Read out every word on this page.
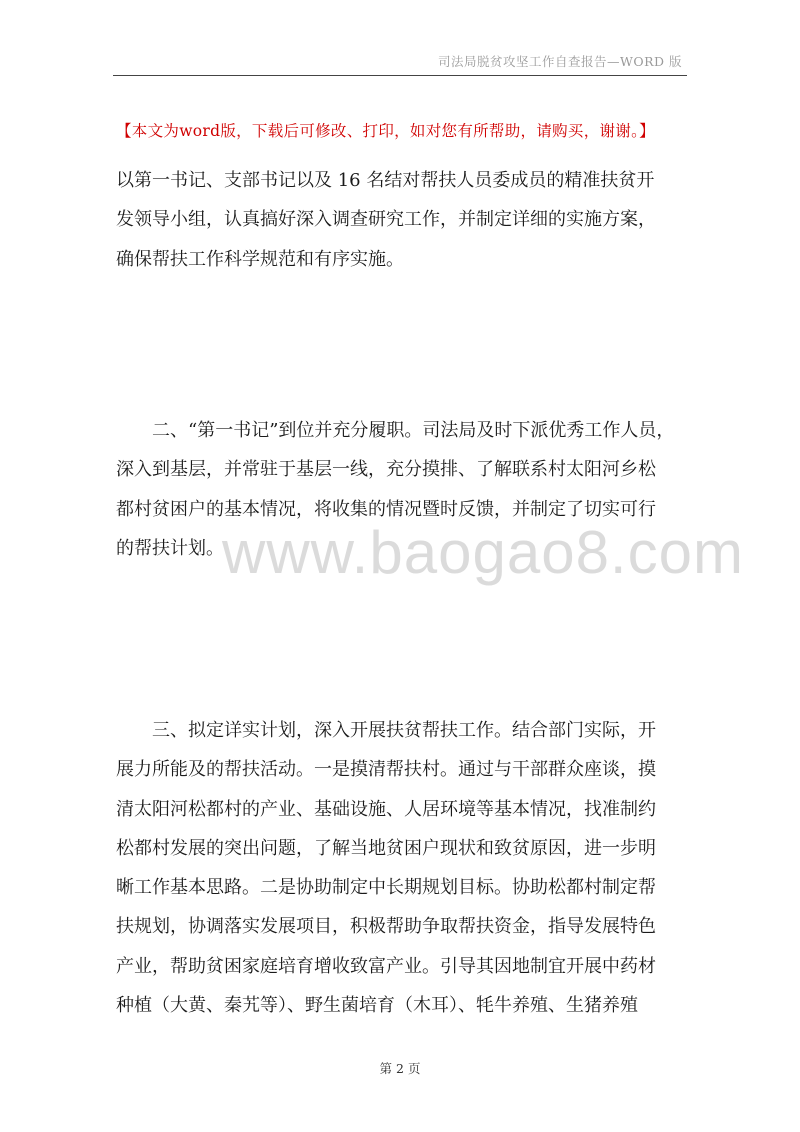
司法局脱贫攻坚工作自查报告—WORD 版
【本文为word版，下载后可修改、打印，如对您有所帮助，请购买，谢谢。】
以第一书记、支部书记以及 16 名结对帮扶人员委成员的精准扶贫开
发领导小组，认真搞好深入调查研究工作，并制定详细的实施方案，
确保帮扶工作科学规范和有序实施。
二、“第一书记”到位并充分履职。司法局及时下派优秀工作人员，
深入到基层，并常驻于基层一线，充分摸排、了解联系村太阳河乡松
都村贫困户的基本情况，将收集的情况暨时反馈，并制定了切实可行
的帮扶计划。
三、拟定详实计划，深入开展扶贫帮扶工作。结合部门实际，开
展力所能及的帮扶活动。一是摸清帮扶村。通过与干部群众座谈，摸
清太阳河松都村的产业、基础设施、人居环境等基本情况，找准制约
松都村发展的突出问题，了解当地贫困户现状和致贫原因，进一步明
晰工作基本思路。二是协助制定中长期规划目标。协助松都村制定帮
扶规划，协调落实发展项目，积极帮助争取帮扶资金，指导发展特色
产业，帮助贫困家庭培育增收致富产业。引导其因地制宜开展中药材
种植（大黄、秦艽等）、野生菌培育（木耳）、牦牛养殖、生猪养殖
www.baogao8.com
第 2 页
